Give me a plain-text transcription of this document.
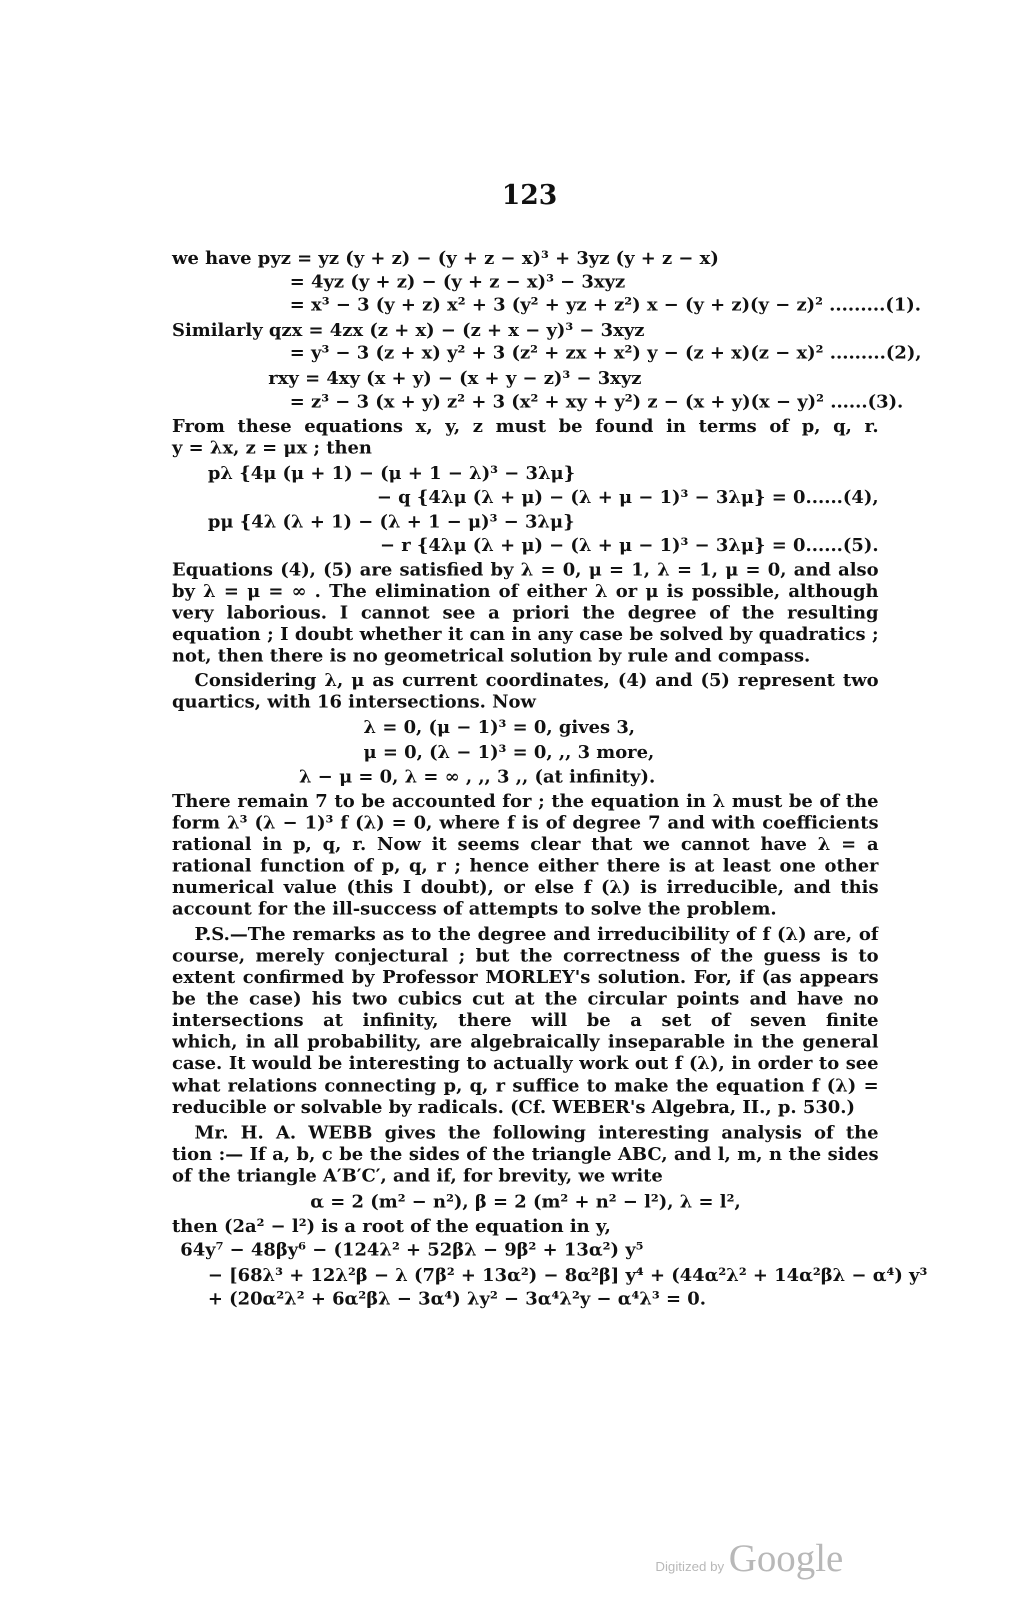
123
we have pyz = yz (y + z) − (y + z − x)³ + 3yz (y + z − x)
= 4yz (y + z) − (y + z − x)³ − 3xyz
= x³ − 3 (y + z) x² + 3 (y² + yz + z²) x − (y + z)(y − z)² .........(1).
Similarly qzx = 4zx (z + x) − (z + x − y)³ − 3xyz
= y³ − 3 (z + x) y² + 3 (z² + zx + x²) y − (z + x)(z − x)² .........(2),
rxy = 4xy (x + y) − (x + y − z)³ − 3xyz
= z³ − 3 (x + y) z² + 3 (x² + xy + y²) z − (x + y)(x − y)² ......(3).
From these equations x, y, z must be found in terms of p, q, r.
y = λx, z = μx ; then
pλ {4μ (μ + 1) − (μ + 1 − λ)³ − 3λμ}
− q {4λμ (λ + μ) − (λ + μ − 1)³ − 3λμ} = 0......(4),
pμ {4λ (λ + 1) − (λ + 1 − μ)³ − 3λμ}
− r {4λμ (λ + μ) − (λ + μ − 1)³ − 3λμ} = 0......(5).
Equations (4), (5) are satisfied by λ = 0, μ = 1, λ = 1, μ = 0, and also
by λ = μ = ∞ . The elimination of either λ or μ is possible, although
very laborious. I cannot see a priori the degree of the resulting
equation ; I doubt whether it can in any case be solved by quadratics ;
not, then there is no geometrical solution by rule and compass.
Considering λ, μ as current coordinates, (4) and (5) represent two
quartics, with 16 intersections. Now
λ = 0, (μ − 1)³ = 0, gives 3,
μ = 0, (λ − 1)³ = 0, ,, 3 more,
λ − μ = 0, λ = ∞ , ,, 3 ,, (at infinity).
There remain 7 to be accounted for ; the equation in λ must be of the
form λ³ (λ − 1)³ f (λ) = 0, where f is of degree 7 and with coefficients
rational in p, q, r. Now it seems clear that we cannot have λ = a
rational function of p, q, r ; hence either there is at least one other
numerical value (this I doubt), or else f (λ) is irreducible, and this
account for the ill-success of attempts to solve the problem.
P.S.—The remarks as to the degree and irreducibility of f (λ) are, of
course, merely conjectural ; but the correctness of the guess is to
extent confirmed by Professor MORLEY's solution. For, if (as appears
be the case) his two cubics cut at the circular points and have no
intersections at infinity, there will be a set of seven finite
which, in all probability, are algebraically inseparable in the general
case. It would be interesting to actually work out f (λ), in order to see
what relations connecting p, q, r suffice to make the equation f (λ) =
reducible or solvable by radicals. (Cf. WEBER's Algebra, II., p. 530.)
Mr. H. A. WEBB gives the following interesting analysis of the
tion :— If a, b, c be the sides of the triangle ABC, and l, m, n the sides
of the triangle A′B′C′, and if, for brevity, we write
α = 2 (m² − n²), β = 2 (m² + n² − l²), λ = l²,
then (2a² − l²) is a root of the equation in y,
64y⁷ − 48βy⁶ − (124λ² + 52βλ − 9β² + 13α²) y⁵
− [68λ³ + 12λ²β − λ (7β² + 13α²) − 8α²β] y⁴ + (44α²λ² + 14α²βλ − α⁴) y³
+ (20α²λ² + 6α²βλ − 3α⁴) λy² − 3α⁴λ²y − α⁴λ³ = 0.
Digitized by Google
